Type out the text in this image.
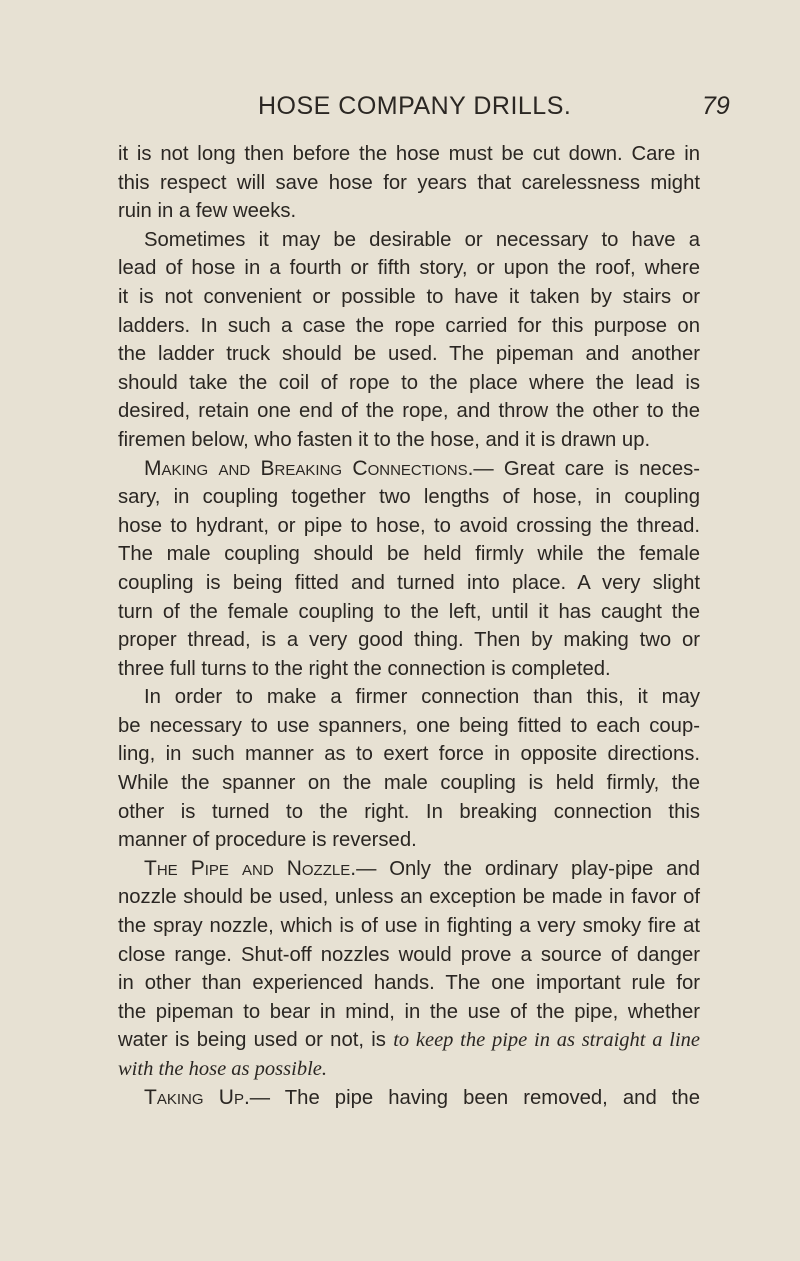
HOSE COMPANY DRILLS.	79
it is not long then before the hose must be cut down. Care in
this respect will save hose for years that carelessness might
ruin in a few weeks.
Sometimes it may be desirable or necessary to have a
lead of hose in a fourth or fifth story, or upon the roof, where
it is not convenient or possible to have it taken by stairs or
ladders. In such a case the rope carried for this purpose on
the ladder truck should be used. The pipeman and another
should take the coil of rope to the place where the lead is
desired, retain one end of the rope, and throw the other to the
firemen below, who fasten it to the hose, and it is drawn up.
Making and Breaking Connections.— Great care is neces-
sary, in coupling together two lengths of hose, in coupling
hose to hydrant, or pipe to hose, to avoid crossing the thread.
The male coupling should be held firmly while the female
coupling is being fitted and turned into place. A very slight
turn of the female coupling to the left, until it has caught the
proper thread, is a very good thing. Then by making two or
three full turns to the right the connection is completed.
In order to make a firmer connection than this, it may
be necessary to use spanners, one being fitted to each coup-
ling, in such manner as to exert force in opposite directions.
While the spanner on the male coupling is held firmly, the
other is turned to the right. In breaking connection this
manner of procedure is reversed.
The Pipe and Nozzle.— Only the ordinary play-pipe and
nozzle should be used, unless an exception be made in favor of
the spray nozzle, which is of use in fighting a very smoky fire at
close range. Shut-off nozzles would prove a source of danger
in other than experienced hands. The one important rule for
the pipeman to bear in mind, in the use of the pipe, whether
water is being used or not, is to keep the pipe in as straight a line
with the hose as possible.
Taking Up.— The pipe having been removed, and the
